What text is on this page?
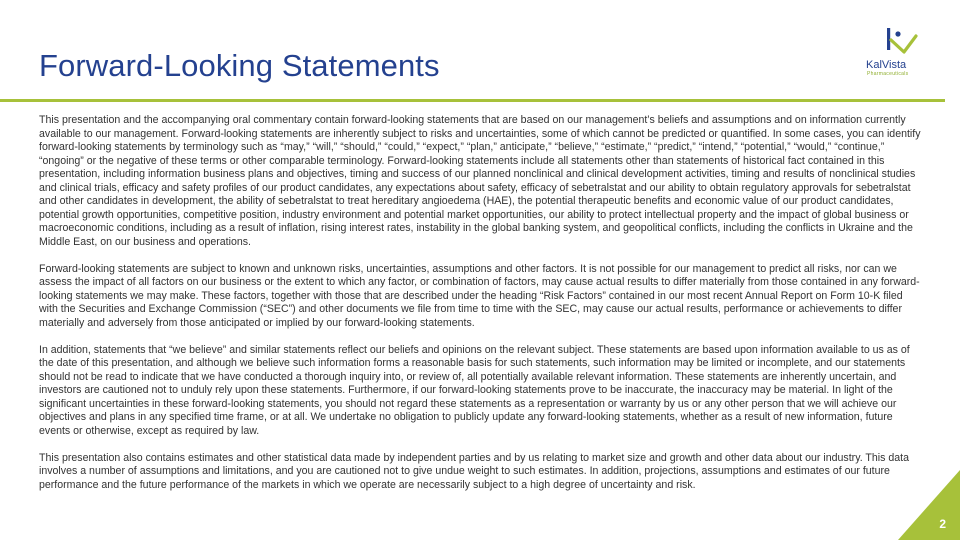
Forward-Looking Statements	KalVista

Pharmaceuticals

This presentation and the accompanying oral commentary contain forward-looking statements that are based on our management’s beliefs and assumptions and on information currently available to our management. Forward-looking statements are inherently subject to risks and uncertainties, some of which cannot be predicted or quantified. In some cases, you can identify forward-looking statements by terminology such as “may,” “will,” “should,” “could,” “expect,” “plan,” anticipate,” “believe,” “estimate,” “predict,” “intend,” “potential,” “would,” “continue,” “ongoing” or the negative of these terms or other comparable terminology. Forward-looking statements include all statements other than statements of historical fact contained in this presentation, including information business plans and objectives, timing and success of our planned nonclinical and clinical development activities, timing and results of nonclinical studies and clinical trials, efficacy and safety profiles of our product candidates, any expectations about safety, efficacy of sebetralstat and our ability to obtain regulatory approvals for sebetralstat and other candidates in development, the ability of sebetralstat to treat hereditary angioedema (HAE), the potential therapeutic benefits and economic value of our product candidates, potential growth opportunities, competitive position, industry environment and potential market opportunities, our ability to protect intellectual property and the impact of global business or macroeconomic conditions, including as a result of inflation, rising interest rates, instability in the global banking system, and geopolitical conflicts, including the conflicts in Ukraine and the Middle East, on our business and operations.

Forward-looking statements are subject to known and unknown risks, uncertainties, assumptions and other factors. It is not possible for our management to predict all risks, nor can we assess the impact of all factors on our business or the extent to which any factor, or combination of factors, may cause actual results to differ materially from those contained in any forward-looking statements we may make. These factors, together with those that are described under the heading “Risk Factors” contained in our most recent Annual Report on Form 10-K filed with the Securities and Exchange Commission (“SEC”) and other documents we file from time to time with the SEC, may cause our actual results, performance or achievements to differ materially and adversely from those anticipated or implied by our forward-looking statements.

In addition, statements that “we believe” and similar statements reflect our beliefs and opinions on the relevant subject. These statements are based upon information available to us as of the date of this presentation, and although we believe such information forms a reasonable basis for such statements, such information may be limited or incomplete, and our statements should not be read to indicate that we have conducted a thorough inquiry into, or review of, all potentially available relevant information. These statements are inherently uncertain, and investors are cautioned not to unduly rely upon these statements. Furthermore, if our forward-looking statements prove to be inaccurate, the inaccuracy may be material. In light of the significant uncertainties in these forward-looking statements, you should not regard these statements as a representation or warranty by us or any other person that we will achieve our objectives and plans in any specified time frame, or at all. We undertake no obligation to publicly update any forward-looking statements, whether as a result of new information, future events or otherwise, except as required by law.

This presentation also contains estimates and other statistical data made by independent parties and by us relating to market size and growth and other data about our industry. This data involves a number of assumptions and limitations, and you are cautioned not to give undue weight to such estimates. In addition, projections, assumptions and estimates of our future performance and the future performance of the markets in which we operate are necessarily subject to a high degree of uncertainty and risk.

2
